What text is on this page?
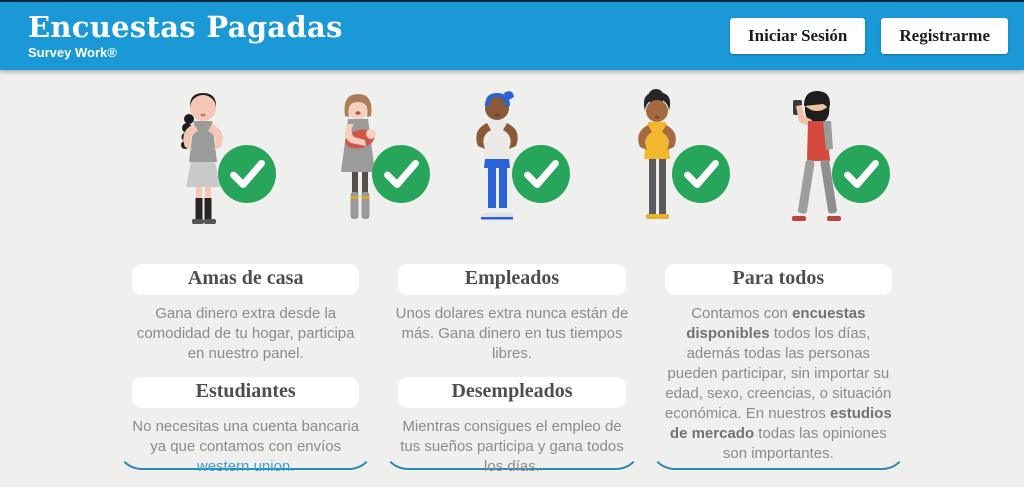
Encuestas Pagadas
Survey Work®
Iniciar Sesión	Registrarme
Amas de casa

Gana dinero extra desde la comodidad de tu hogar, participa en nuestro panel.

Estudiantes

No necesitas una cuenta bancaria ya que contamos con envíos western union.

Empleados

Unos dolares extra nunca están de más. Gana dinero en tus tiempos libres.

Desempleados

Mientras consigues el empleo de tus sueños participa y gana todos los días.

Para todos

Contamos con encuestas disponibles todos los días, además todas las personas pueden participar, sin importar su edad, sexo, creencias, o situación económica. En nuestros estudios de mercado todas las opiniones son importantes.
